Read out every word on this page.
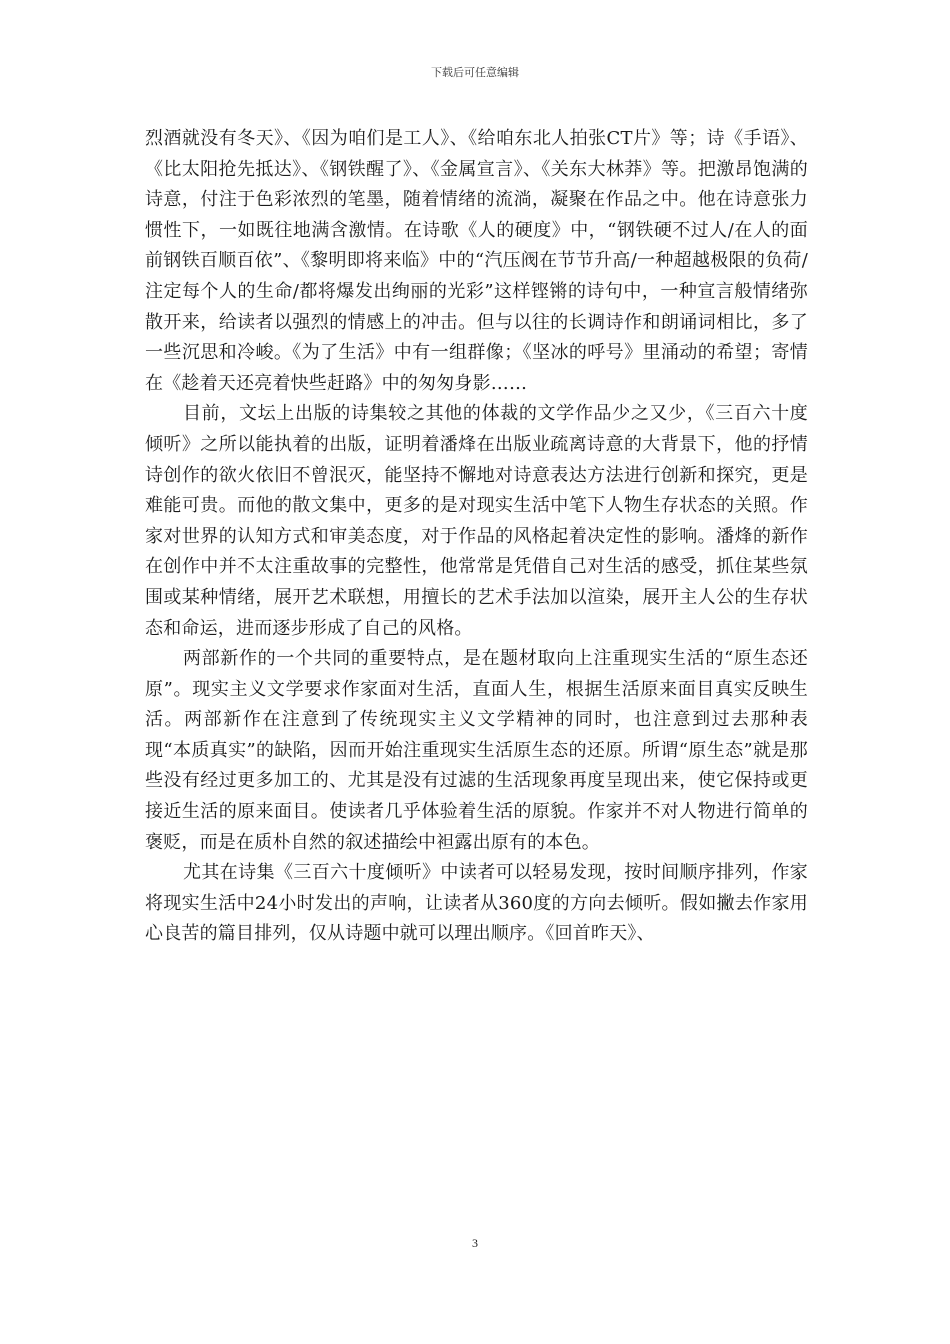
下载后可任意编辑

烈酒就没有冬天》、《因为咱们是工人》、《给咱东北人拍张CT片》等；诗《手语》、《比太阳抢先抵达》、《钢铁醒了》、《金属宣言》、《关东大林莽》等。把激昂饱满的诗意，付注于色彩浓烈的笔墨，随着情绪的流淌，凝聚在作品之中。他在诗意张力惯性下，一如既往地满含激情。在诗歌《人的硬度》中，“钢铁硬不过人/在人的面前钢铁百顺百依”、《黎明即将来临》中的“汽压阀在节节升高/一种超越极限的负荷/注定每个人的生命/都将爆发出绚丽的光彩”这样铿锵的诗句中，一种宣言般情绪弥散开来，给读者以强烈的情感上的冲击。但与以往的长调诗作和朗诵词相比，多了一些沉思和冷峻。《为了生活》中有一组群像；《坚冰的呼号》里涌动的希望；寄情在《趁着天还亮着快些赶路》中的匆匆身影……

目前，文坛上出版的诗集较之其他的体裁的文学作品少之又少，《三百六十度倾听》之所以能执着的出版，证明着潘烽在出版业疏离诗意的大背景下，他的抒情诗创作的欲火依旧不曾泯灭，能坚持不懈地对诗意表达方法进行创新和探究，更是难能可贵。而他的散文集中，更多的是对现实生活中笔下人物生存状态的关照。作家对世界的认知方式和审美态度，对于作品的风格起着决定性的影响。潘烽的新作在创作中并不太注重故事的完整性，他常常是凭借自己对生活的感受，抓住某些氛围或某种情绪，展开艺术联想，用擅长的艺术手法加以渲染，展开主人公的生存状态和命运，进而逐步形成了自己的风格。

两部新作的一个共同的重要特点，是在题材取向上注重现实生活的“原生态还原”。现实主义文学要求作家面对生活，直面人生，根据生活原来面目真实反映生活。两部新作在注意到了传统现实主义文学精神的同时，也注意到过去那种表现“本质真实”的缺陷，因而开始注重现实生活原生态的还原。所谓“原生态”就是那些没有经过更多加工的、尤其是没有过滤的生活现象再度呈现出来，使它保持或更接近生活的原来面目。使读者几乎体验着生活的原貌。作家并不对人物进行简单的褒贬，而是在质朴自然的叙述描绘中袒露出原有的本色。

尤其在诗集《三百六十度倾听》中读者可以轻易发现，按时间顺序排列，作家将现实生活中24小时发出的声响，让读者从360度的方向去倾听。假如撇去作家用心良苦的篇目排列，仅从诗题中就可以理出顺序。《回首昨天》、

3
